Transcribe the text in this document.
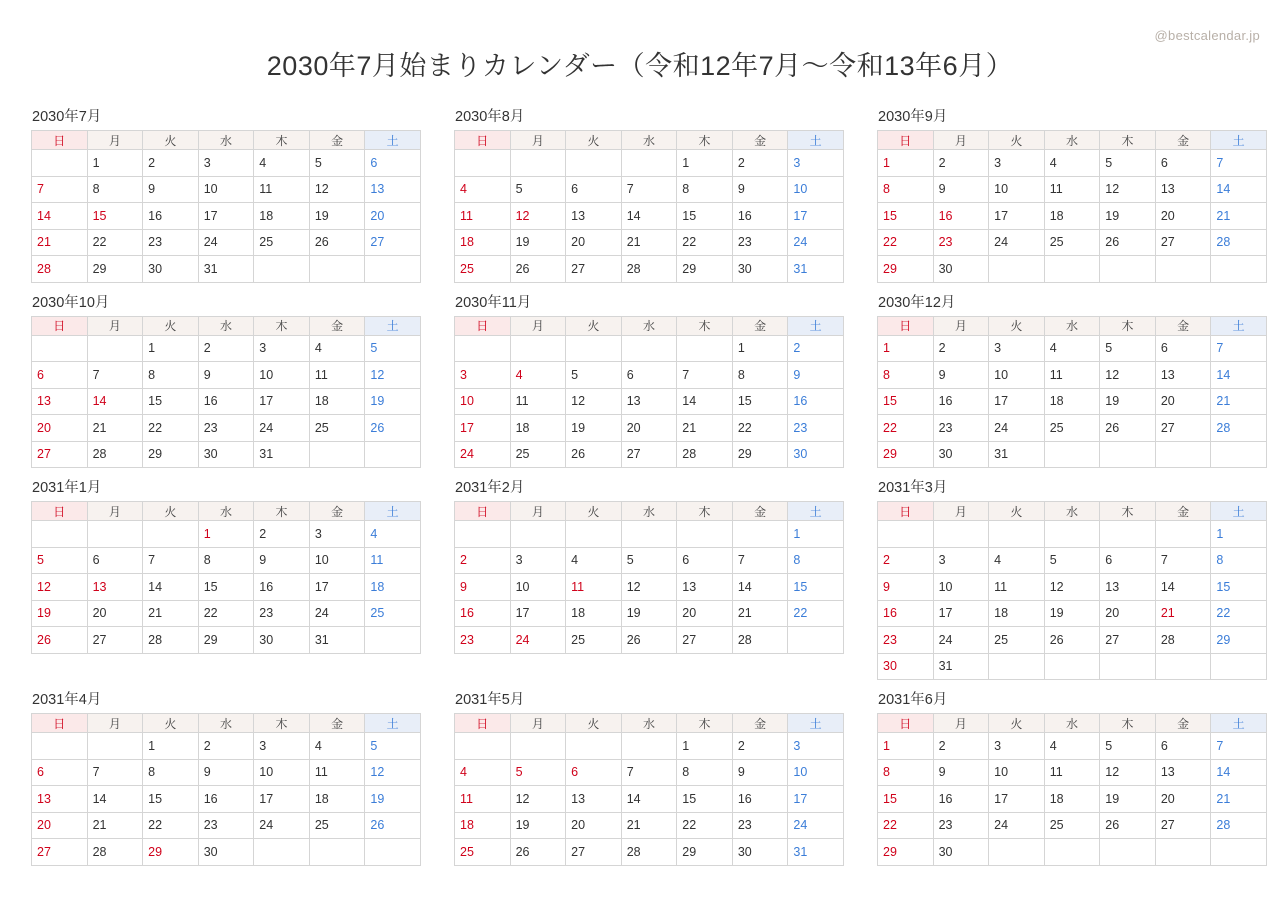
@bestcalendar.jp
2030年7月始まりカレンダー（令和12年7月〜令和13年6月）
2030年7月
日	月	火	水	木	金	土
	1	2	3	4	5	6
7	8	9	10	11	12	13
14	15	16	17	18	19	20
21	22	23	24	25	26	27
28	29	30	31			
2030年8月
日	月	火	水	木	金	土
				1	2	3
4	5	6	7	8	9	10
11	12	13	14	15	16	17
18	19	20	21	22	23	24
25	26	27	28	29	30	31
2030年9月
日	月	火	水	木	金	土
1	2	3	4	5	6	7
8	9	10	11	12	13	14
15	16	17	18	19	20	21
22	23	24	25	26	27	28
29	30					
2030年10月
日	月	火	水	木	金	土
		1	2	3	4	5
6	7	8	9	10	11	12
13	14	15	16	17	18	19
20	21	22	23	24	25	26
27	28	29	30	31		
2030年11月
日	月	火	水	木	金	土
					1	2
3	4	5	6	7	8	9
10	11	12	13	14	15	16
17	18	19	20	21	22	23
24	25	26	27	28	29	30
2030年12月
日	月	火	水	木	金	土
1	2	3	4	5	6	7
8	9	10	11	12	13	14
15	16	17	18	19	20	21
22	23	24	25	26	27	28
29	30	31				
2031年1月
日	月	火	水	木	金	土
			1	2	3	4
5	6	7	8	9	10	11
12	13	14	15	16	17	18
19	20	21	22	23	24	25
26	27	28	29	30	31	
2031年2月
日	月	火	水	木	金	土
						1
2	3	4	5	6	7	8
9	10	11	12	13	14	15
16	17	18	19	20	21	22
23	24	25	26	27	28	
2031年3月
日	月	火	水	木	金	土
						1
2	3	4	5	6	7	8
9	10	11	12	13	14	15
16	17	18	19	20	21	22
23	24	25	26	27	28	29
30	31					
2031年4月
日	月	火	水	木	金	土
		1	2	3	4	5
6	7	8	9	10	11	12
13	14	15	16	17	18	19
20	21	22	23	24	25	26
27	28	29	30			
2031年5月
日	月	火	水	木	金	土
				1	2	3
4	5	6	7	8	9	10
11	12	13	14	15	16	17
18	19	20	21	22	23	24
25	26	27	28	29	30	31
2031年6月
日	月	火	水	木	金	土
1	2	3	4	5	6	7
8	9	10	11	12	13	14
15	16	17	18	19	20	21
22	23	24	25	26	27	28
29	30					
